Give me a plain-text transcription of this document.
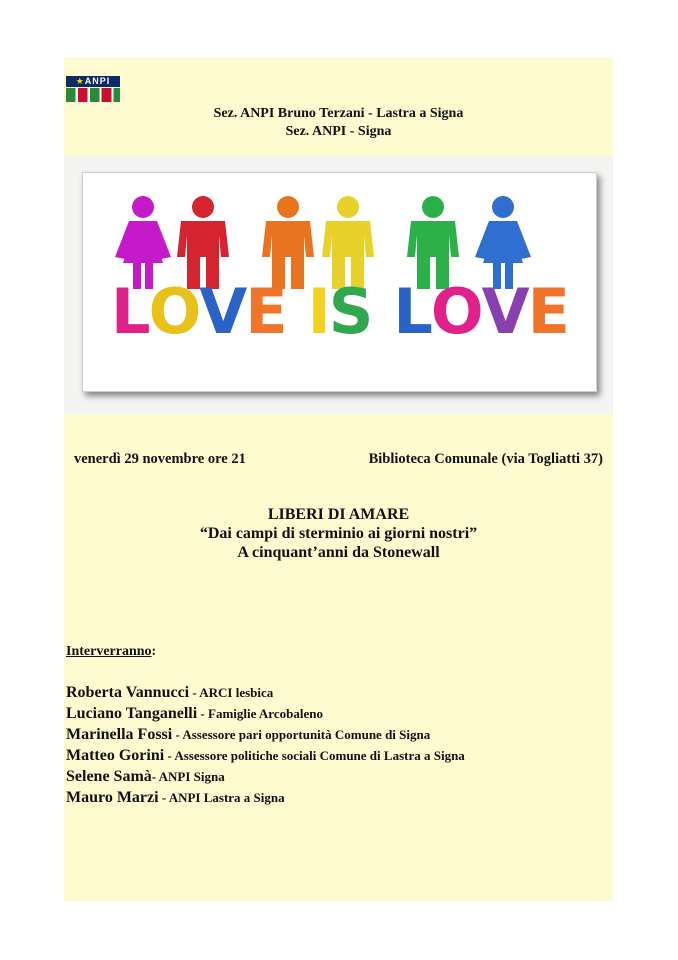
★ANPI
Sez. ANPI Bruno Terzani - Lastra a Signa
Sez. ANPI - Signa
LOVE IS LOVE
venerdì 29 novembre ore 21	Biblioteca Comunale (via Togliatti 37)
LIBERI DI AMARE
“Dai campi di sterminio ai giorni nostri”
A cinquant’anni da Stonewall
Interverranno:
Roberta Vannucci - ARCI lesbica
Luciano Tanganelli - Famiglie Arcobaleno
Marinella Fossi - Assessore pari opportunità Comune di Signa
Matteo Gorini - Assessore politiche sociali Comune di Lastra a Signa
Selene Samà- ANPI Signa
Mauro Marzi - ANPI Lastra a Signa
